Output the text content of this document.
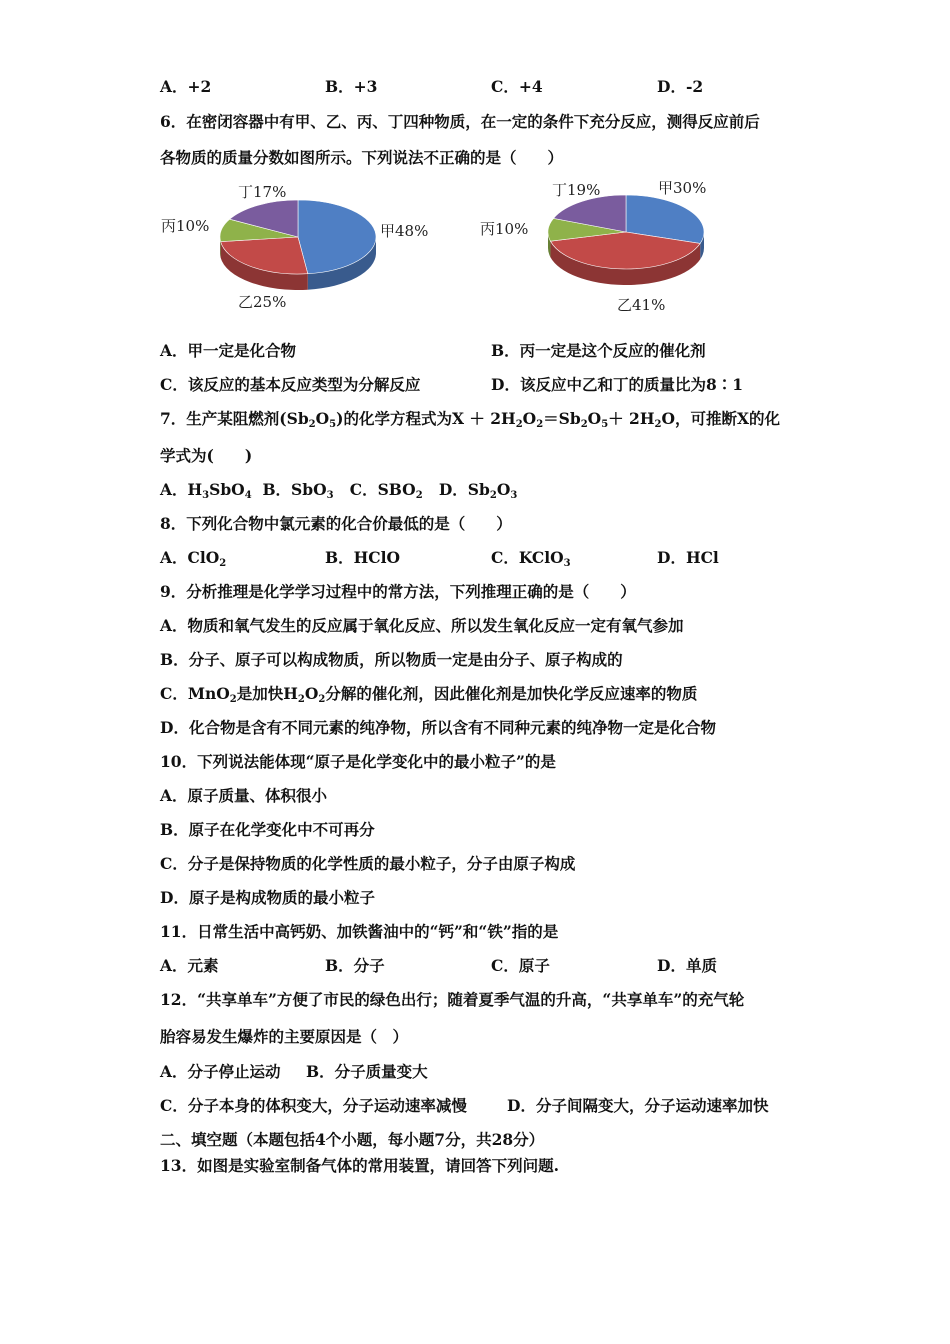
A．+2	B．+3	C．+4	D．-2
6．在密闭容器中有甲、乙、丙、丁四种物质，在一定的条件下充分反应，测得反应前后
各物质的质量分数如图所示。下列说法不正确的是（　　）
甲48%
乙25%
丙10%
丁17%	甲30%
乙41%
丙10%
丁19%
A．甲一定是化合物	B．丙一定是这个反应的催化剂
C．该反应的基本反应类型为分解反应	D．该反应中乙和丁的质量比为8∶1
7．生产某阻燃剂$(Sb_2O_5)$的化学方程式为$X + 2H_2O_2=Sb_2O_5+ 2H_2O$，可推断X的化
学式为(　　)
A．$H_3SbO_4$ B．SbO$_3$ C．$SBO_2$ D．$Sb_2O_3$
8．下列化合物中氯元素的化合价最低的是（　　）
A．ClO$_2$	B．HClO	C．KClO$_3$	D．HCl
9．分析推理是化学学习过程中的常方法，下列推理正确的是（　　）
A．物质和氧气发生的反应属于氧化反应、所以发生氧化反应一定有氧气参加
B．分子、原子可以构成物质，所以物质一定是由分子、原子构成的
C．MnO$_2$是加快$H_2O_2$分解的催化剂，因此催化剂是加快化学反应速率的物质
D．化合物是含有不同元素的纯净物，所以含有不同种元素的纯净物一定是化合物
10．下列说法能体现“原子是化学变化中的最小粒子”的是
A．原子质量、体积很小
B．原子在化学变化中不可再分
C．分子是保持物质的化学性质的最小粒子，分子由原子构成
D．原子是构成物质的最小粒子
11．日常生活中高钙奶、加铁酱油中的“钙”和“铁”指的是
A．元素	B．分子	C．原子	D．单质
12．“共享单车”方便了市民的绿色出行；随着夏季气温的升高，“共享单车”的充气轮
胎容易发生爆炸的主要原因是（　）
A．分子停止运动 B．分子质量变大
C．分子本身的体积变大，分子运动速率减慢	D．分子间隔变大，分子运动速率加快
二、填空题（本题包括4个小题，每小题7分，共28分）
13．如图是实验室制备气体的常用装置，请回答下列问题.
